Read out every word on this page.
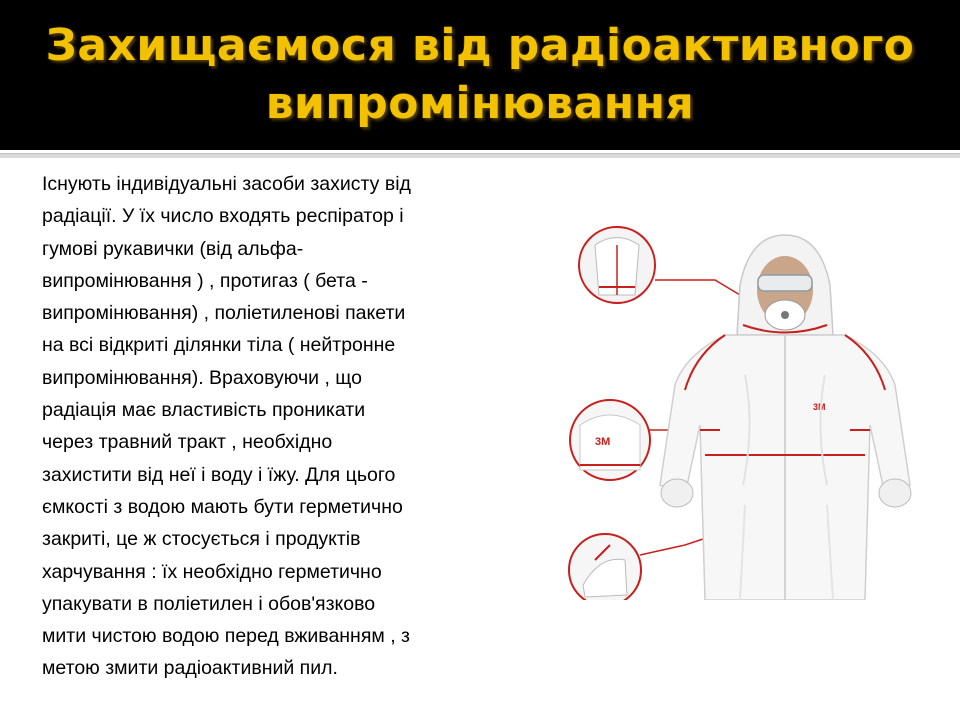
Захищаємося від радіоактивного
випромінювання

Існують індивідуальні засоби захисту від
радіації. У їх число входять респіратор і
гумові рукавички (від альфа-
випромінювання ) , протигаз ( бета -
випромінювання) , поліетиленові пакети
на всі відкриті ділянки тіла ( нейтронне
випромінювання). Враховуючи , що
радіація має властивість проникати
через травний тракт , необхідно
захистити від неї і воду і їжу. Для цього
ємкості з водою мають бути герметично
закриті, це ж стосується і продуктів
харчування : їх необхідно герметично
упакувати в поліетилен і обов'язково
мити чистою водою перед вживанням , з
метою змити радіоактивний пил.

3M
3M
